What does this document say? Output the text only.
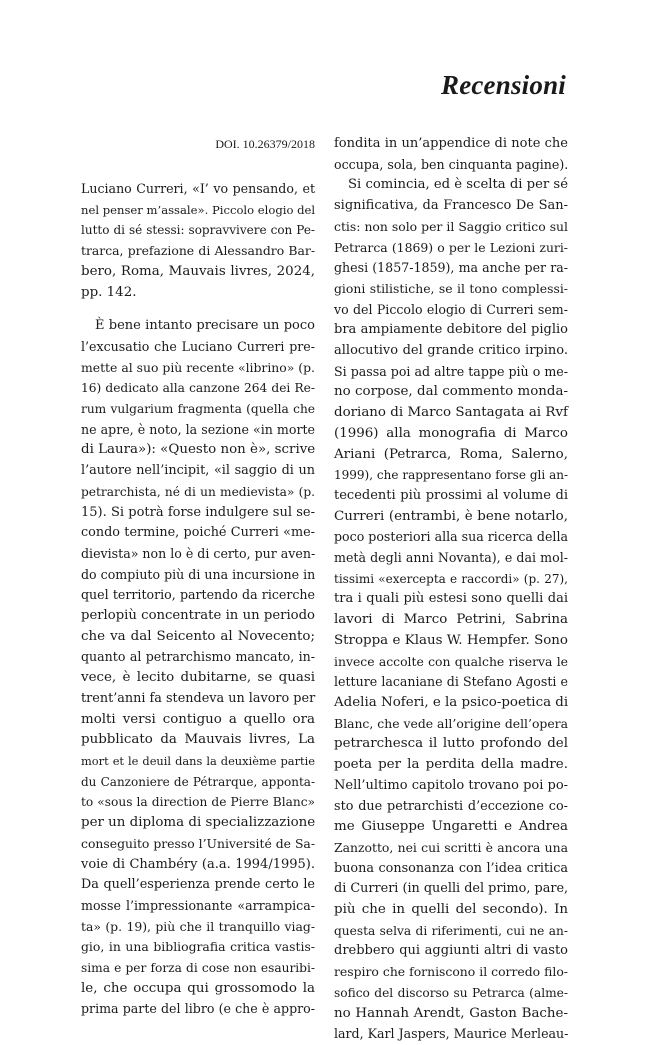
Recensioni
DOI. 10.26379/2018
Luciano Curreri, «I’ vo pensando, et
nel penser m’assale». Piccolo elogio del
lutto di sé stessi: sopravvivere con Pe-
trarca, prefazione di Alessandro Bar-
bero, Roma, Mauvais livres, 2024,
pp. 142.
È bene intanto precisare un poco
l’excusatio che Luciano Curreri pre-
mette al suo più recente «librino» (p.
16) dedicato alla canzone 264 dei Re-
rum vulgarium fragmenta (quella che
ne apre, è noto, la sezione «in morte
di Laura»): «Questo non è», scrive
l’autore nell’incipit, «il saggio di un
petrarchista, né di un medievista» (p.
15). Si potrà forse indulgere sul se-
condo termine, poiché Curreri «me-
dievista» non lo è di certo, pur aven-
do compiuto più di una incursione in
quel territorio, partendo da ricerche
perlopiù concentrate in un periodo
che va dal Seicento al Novecento;
quanto al petrarchismo mancato, in-
vece, è lecito dubitarne, se quasi
trent’anni fa stendeva un lavoro per
molti versi contiguo a quello ora
pubblicato da Mauvais livres, La
mort et le deuil dans la deuxième partie
du Canzoniere de Pétrarque, apponta-
to «sous la direction de Pierre Blanc»
per un diploma di specializzazione
conseguito presso l’Université de Sa-
voie di Chambéry (a.a. 1994/1995).
Da quell’esperienza prende certo le
mosse l’impressionante «arrampica-
ta» (p. 19), più che il tranquillo viag-
gio, in una bibliografia critica vastis-
sima e per forza di cose non esauribi-
le, che occupa qui grossomodo la
prima parte del libro (e che è appro-
fondita in un’appendice di note che
occupa, sola, ben cinquanta pagine).
Si comincia, ed è scelta di per sé
significativa, da Francesco De San-
ctis: non solo per il Saggio critico sul
Petrarca (1869) o per le Lezioni zuri-
ghesi (1857-1859), ma anche per ra-
gioni stilistiche, se il tono complessi-
vo del Piccolo elogio di Curreri sem-
bra ampiamente debitore del piglio
allocutivo del grande critico irpino.
Si passa poi ad altre tappe più o me-
no corpose, dal commento monda-
doriano di Marco Santagata ai Rvf
(1996) alla monografia di Marco
Ariani (Petrarca, Roma, Salerno,
1999), che rappresentano forse gli an-
tecedenti più prossimi al volume di
Curreri (entrambi, è bene notarlo,
poco posteriori alla sua ricerca della
metà degli anni Novanta), e dai mol-
tissimi «exercepta e raccordi» (p. 27),
tra i quali più estesi sono quelli dai
lavori di Marco Petrini, Sabrina
Stroppa e Klaus W. Hempfer. Sono
invece accolte con qualche riserva le
letture lacaniane di Stefano Agosti e
Adelia Noferi, e la psico-poetica di
Blanc, che vede all’origine dell’opera
petrarchesca il lutto profondo del
poeta per la perdita della madre.
Nell’ultimo capitolo trovano poi po-
sto due petrarchisti d’eccezione co-
me Giuseppe Ungaretti e Andrea
Zanzotto, nei cui scritti è ancora una
buona consonanza con l’idea critica
di Curreri (in quelli del primo, pare,
più che in quelli del secondo). In
questa selva di riferimenti, cui ne an-
drebbero qui aggiunti altri di vasto
respiro che forniscono il corredo filo-
sofico del discorso su Petrarca (alme-
no Hannah Arendt, Gaston Bache-
lard, Karl Jaspers, Maurice Merleau-
